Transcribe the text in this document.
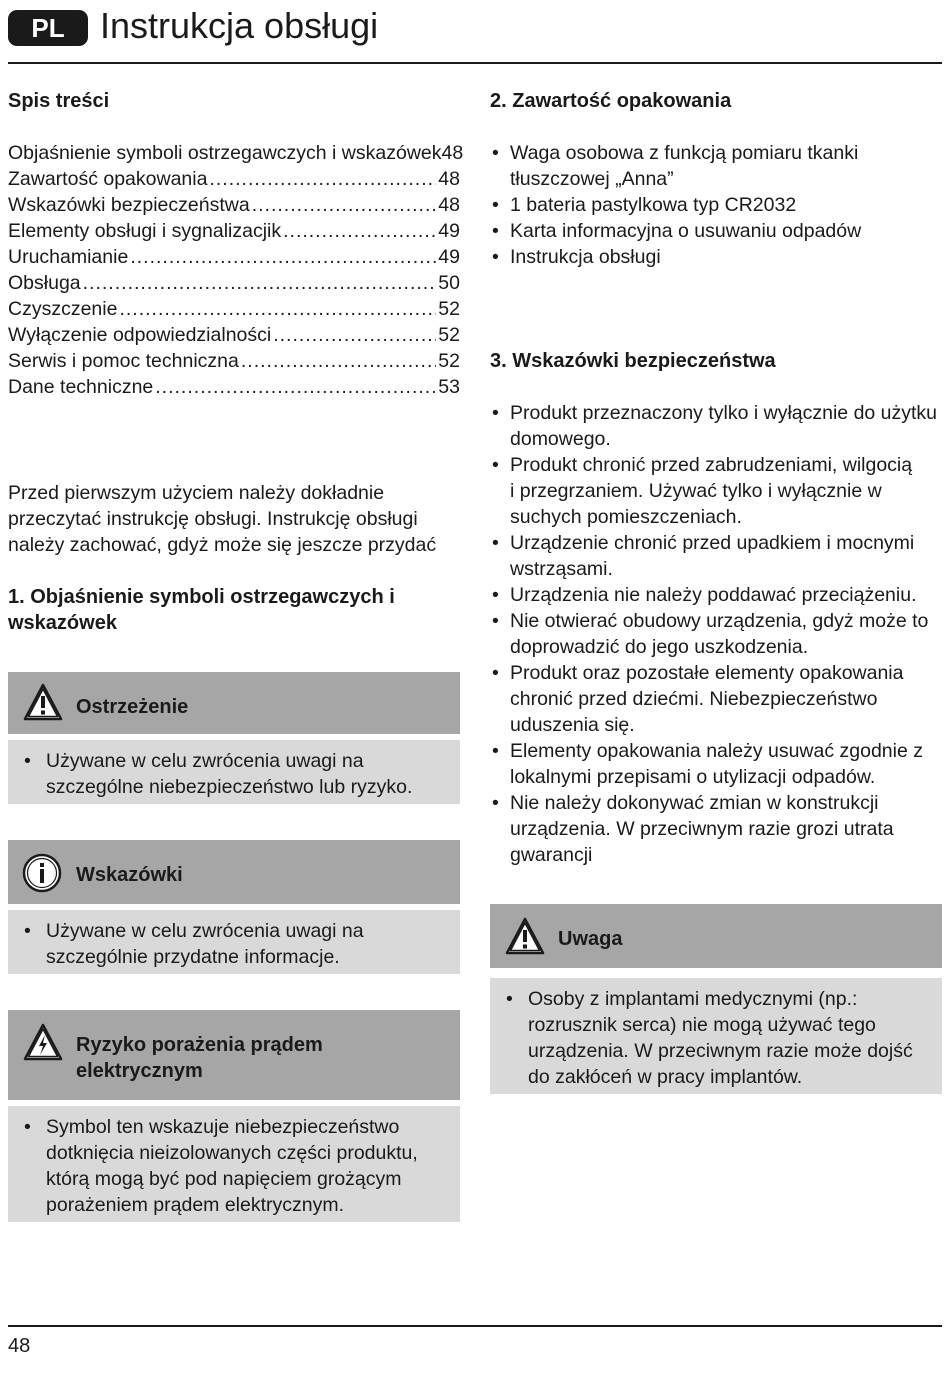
PL Instrukcja obsługi
Spis treści
Objaśnienie symboli ostrzegawczych i wskazówek 48
Zawartość opakowania .....	48
Wskazówki bezpieczeństwa .....	48
Elementy obsługi i sygnalizacjik .....	49
Uruchamianie .....	49
Obsługa .....	50
Czyszczenie .....	52
Wyłączenie odpowiedzialności .....	52
Serwis i pomoc techniczna .....	52
Dane techniczne .....	53

Przed pierwszym użyciem należy dokładnie

przeczytać instrukcję obsługi. Instrukcję obsługi

należy zachować, gdyż może się jeszcze przydać

1. Objaśnienie symboli ostrzegawczych i
wskazówek
Ostrzeżenie
• Używane w celu zwrócenia uwagi na
szczególne niebezpieczeństwo lub ryzyko.
Wskazówki
• Używane w celu zwrócenia uwagi na
szczególnie przydatne informacje.
Ryzyko porażenia prądem
elektrycznym
• Symbol ten wskazuje niebezpieczeństwo
dotknięcia nieizolowanych części produktu,
którą mogą być pod napięciem grożącym
porażeniem prądem elektrycznym.
2. Zawartość opakowania
• Waga osobowa z funkcją pomiaru tkanki
tłuszczowej „Anna”
• 1 bateria pastylkowa typ CR2032
• Karta informacyjna o usuwaniu odpadów
• Instrukcja obsługi
3. Wskazówki bezpieczeństwa
• Produkt przeznaczony tylko i wyłącznie do użytku
domowego.
• Produkt chronić przed zabrudzeniami, wilgocią
i przegrzaniem. Używać tylko i wyłącznie w
suchych pomieszczeniach.
• Urządzenie chronić przed upadkiem i mocnymi
wstrząsami.
• Urządzenia nie należy poddawać przeciążeniu.
• Nie otwierać obudowy urządzenia, gdyż może to
doprowadzić do jego uszkodzenia.
• Produkt oraz pozostałe elementy opakowania
chronić przed dziećmi. Niebezpieczeństwo
uduszenia się.
• Elementy opakowania należy usuwać zgodnie z
lokalnymi przepisami o utylizacji odpadów.
• Nie należy dokonywać zmian w konstrukcji
urządzenia. W przeciwnym razie grozi utrata
gwarancji
Uwaga
• Osoby z implantami medycznymi (np.:
rozrusznik serca) nie mogą używać tego
urządzenia. W przeciwnym razie może dojść
do zakłóceń w pracy implantów.
48
